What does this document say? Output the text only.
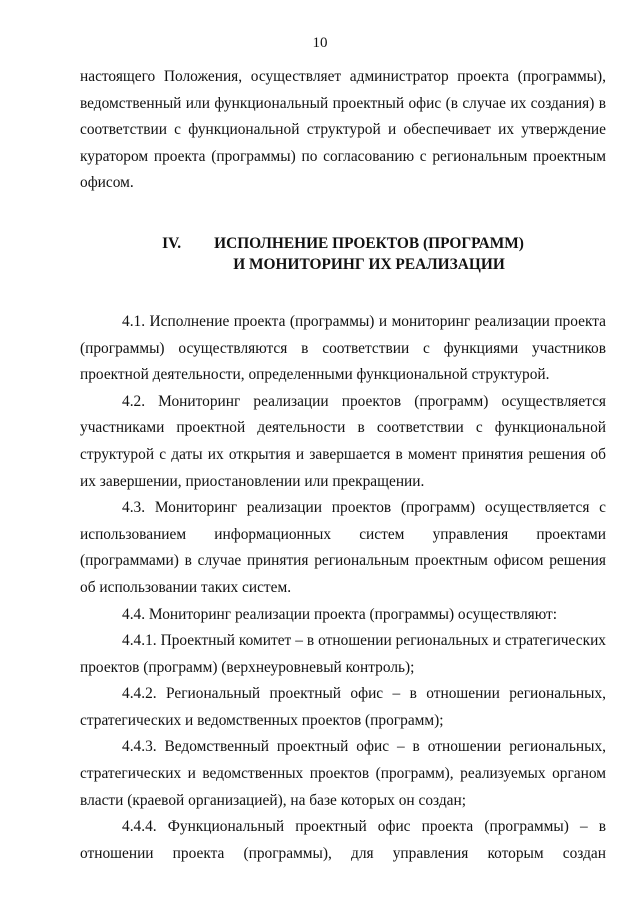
10

настоящего Положения, осуществляет администратор проекта (программы), ведомственный или функциональный проектный офис (в случае их создания) в соответствии с функциональной структурой и обеспечивает их утверждение куратором проекта (программы) по согласованию с региональным проектным офисом.

IV. ИСПОЛНЕНИЕ ПРОЕКТОВ (ПРОГРАММ)
И МОНИТОРИНГ ИХ РЕАЛИЗАЦИИ

4.1. Исполнение проекта (программы) и мониторинг реализации проекта (программы) осуществляются в соответствии с функциями участников проектной деятельности, определенными функциональной структурой.

4.2. Мониторинг реализации проектов (программ) осуществляется участниками проектной деятельности в соответствии с функциональной структурой с даты их открытия и завершается в момент принятия решения об их завершении, приостановлении или прекращении.

4.3. Мониторинг реализации проектов (программ) осуществляется с использованием информационных систем управления проектами (программами) в случае принятия региональным проектным офисом решения об использовании таких систем.

4.4. Мониторинг реализации проекта (программы) осуществляют:

4.4.1. Проектный комитет – в отношении региональных и стратегических проектов (программ) (верхнеуровневый контроль);

4.4.2. Региональный проектный офис – в отношении региональных, стратегических и ведомственных проектов (программ);

4.4.3. Ведомственный проектный офис – в отношении региональных, стратегических и ведомственных проектов (программ), реализуемых органом власти (краевой организацией), на базе которых он создан;

4.4.4. Функциональный проектный офис проекта (программы) – в отношении проекта (программы), для управления которым создан
